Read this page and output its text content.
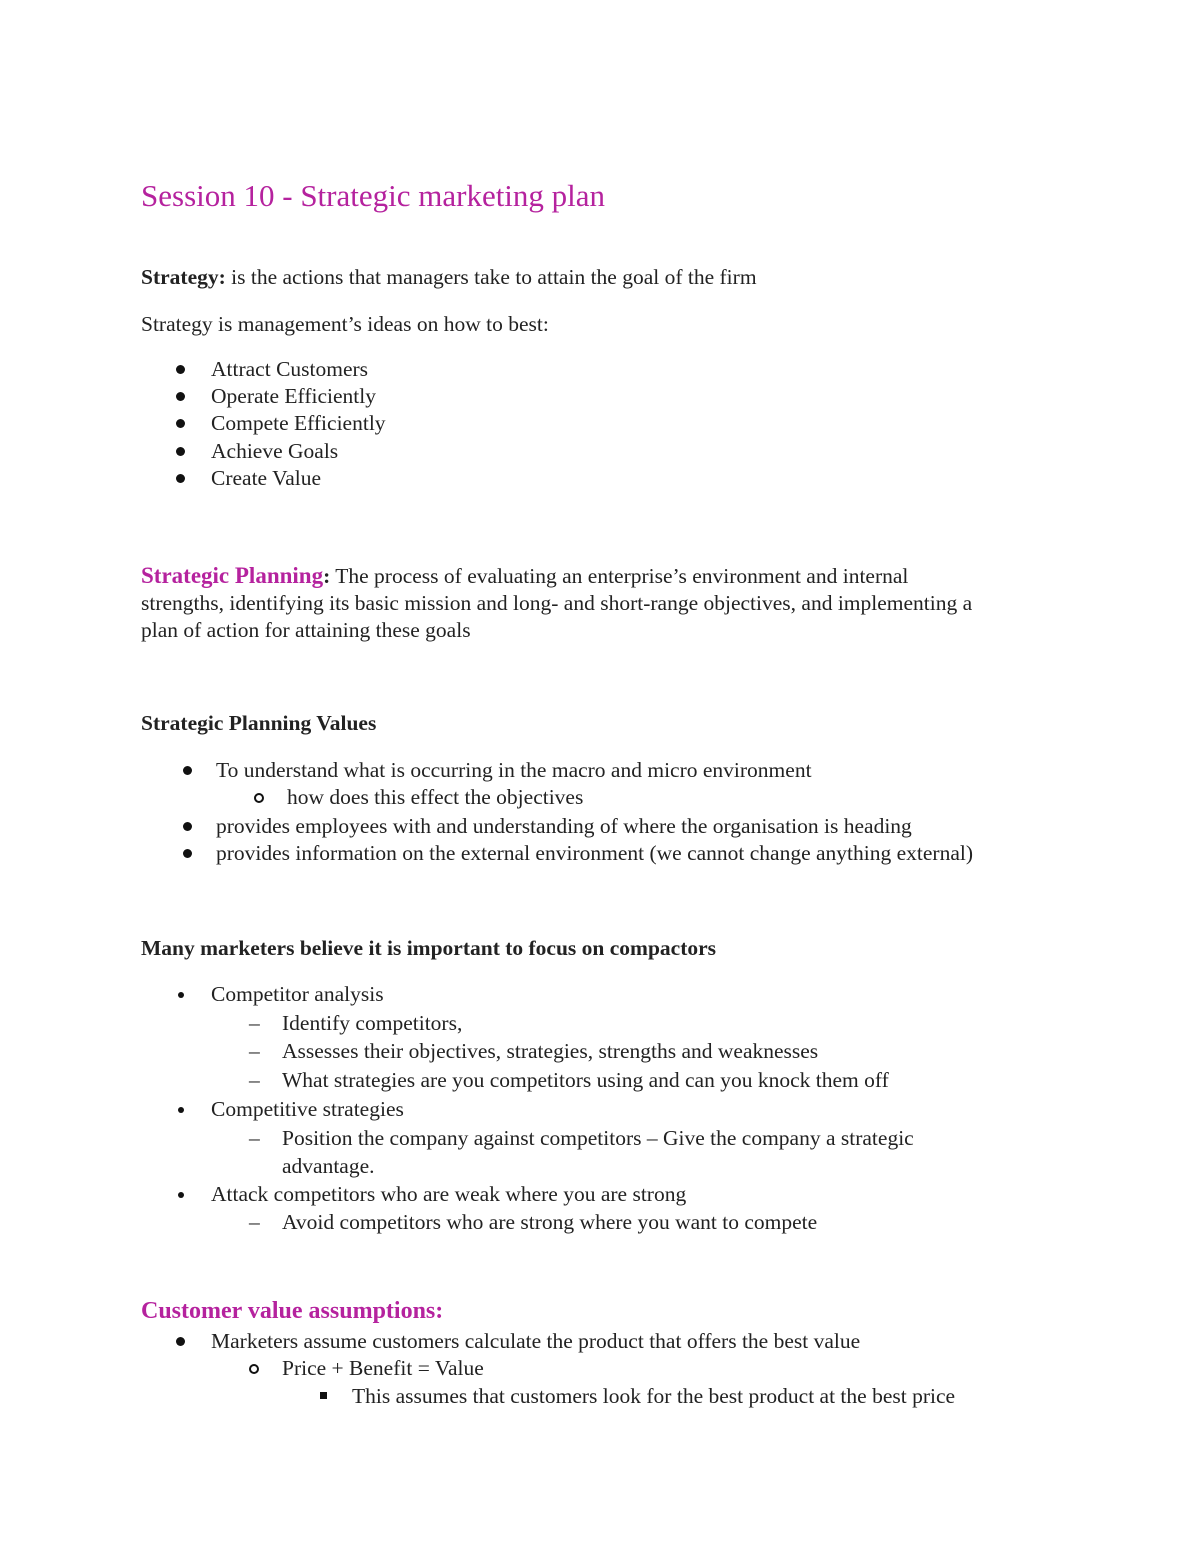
Session 10 - Strategic marketing plan
Strategy: is the actions that managers take to attain the goal of the firm
Strategy is management’s ideas on how to best:
Attract Customers
Operate Efficiently
Compete Efficiently
Achieve Goals
Create Value
Strategic Planning: The process of evaluating an enterprise’s environment and internal
strengths, identifying its basic mission and long- and short-range objectives, and implementing a
plan of action for attaining these goals
Strategic Planning Values
To understand what is occurring in the macro and micro environment
how does this effect the objectives
provides employees with and understanding of where the organisation is heading
provides information on the external environment (we cannot change anything external)
Many marketers believe it is important to focus on compactors
Competitor analysis
– Identify competitors,
– Assesses their objectives, strategies, strengths and weaknesses
– What strategies are you competitors using and can you knock them off
Competitive strategies
– Position the company against competitors – Give the company a strategic
advantage.
Attack competitors who are weak where you are strong
– Avoid competitors who are strong where you want to compete
Customer value assumptions:
Marketers assume customers calculate the product that offers the best value
Price + Benefit = Value
This assumes that customers look for the best product at the best price
